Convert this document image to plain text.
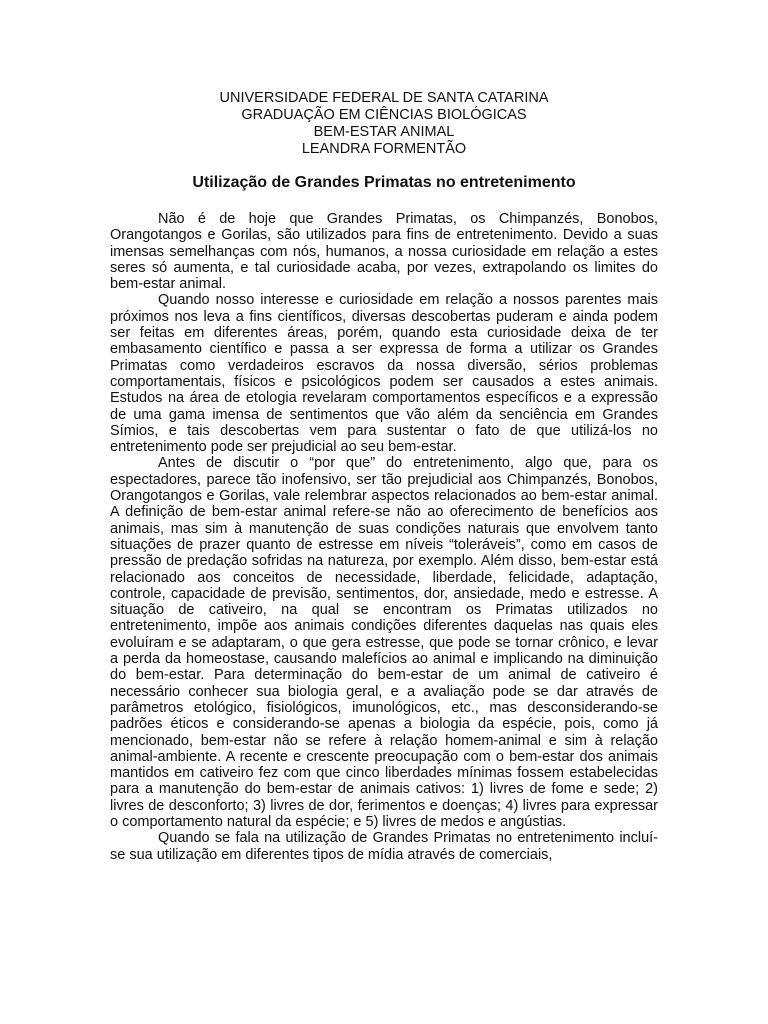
UNIVERSIDADE FEDERAL DE SANTA CATARINA
GRADUAÇÃO EM CIÊNCIAS BIOLÓGICAS
BEM-ESTAR ANIMAL
LEANDRA FORMENTÃO
Utilização de Grandes Primatas no entretenimento

Não é de hoje que Grandes Primatas, os Chimpanzés, Bonobos, Orangotangos e Gorilas, são utilizados para fins de entretenimento. Devido a suas imensas semelhanças com nós, humanos, a nossa curiosidade em relação a estes seres só aumenta, e tal curiosidade acaba, por vezes, extrapolando os limites do bem-estar animal.

Quando nosso interesse e curiosidade em relação a nossos parentes mais próximos nos leva a fins científicos, diversas descobertas puderam e ainda podem ser feitas em diferentes áreas, porém, quando esta curiosidade deixa de ter embasamento científico e passa a ser expressa de forma a utilizar os Grandes Primatas como verdadeiros escravos da nossa diversão, sérios problemas comportamentais, físicos e psicológicos podem ser causados a estes animais. Estudos na área de etologia revelaram comportamentos específicos e a expressão de uma gama imensa de sentimentos que vão além da senciência em Grandes Símios, e tais descobertas vem para sustentar o fato de que utilizá-los no entretenimento pode ser prejudicial ao seu bem-estar.

Antes de discutir o “por que” do entretenimento, algo que, para os espectadores, parece tão inofensivo, ser tão prejudicial aos Chimpanzés, Bonobos, Orangotangos e Gorilas, vale relembrar aspectos relacionados ao bem-estar animal. A definição de bem-estar animal refere-se não ao oferecimento de benefícios aos animais, mas sim à manutenção de suas condições naturais que envolvem tanto situações de prazer quanto de estresse em níveis “toleráveis”, como em casos de pressão de predação sofridas na natureza, por exemplo. Além disso, bem-estar está relacionado aos conceitos de necessidade, liberdade, felicidade, adaptação, controle, capacidade de previsão, sentimentos, dor, ansiedade, medo e estresse. A situação de cativeiro, na qual se encontram os Primatas utilizados no entretenimento, impõe aos animais condições diferentes daquelas nas quais eles evoluíram e se adaptaram, o que gera estresse, que pode se tornar crônico, e levar a perda da homeostase, causando malefícios ao animal e implicando na diminuição do bem-estar. Para determinação do bem-estar de um animal de cativeiro é necessário conhecer sua biologia geral, e a avaliação pode se dar através de parâmetros etológico, fisiológicos, imunológicos, etc., mas desconsiderando-se padrões éticos e considerando-se apenas a biologia da espécie, pois, como já mencionado, bem-estar não se refere à relação homem-animal e sim à relação animal-ambiente. A recente e crescente preocupação com o bem-estar dos animais mantidos em cativeiro fez com que cinco liberdades mínimas fossem estabelecidas para a manutenção do bem-estar de animais cativos: 1) livres de fome e sede; 2) livres de desconforto; 3) livres de dor, ferimentos e doenças; 4) livres para expressar o comportamento natural da espécie; e 5) livres de medos e angústias.

Quando se fala na utilização de Grandes Primatas no entretenimento incluí-se sua utilização em diferentes tipos de mídia através de comerciais,
